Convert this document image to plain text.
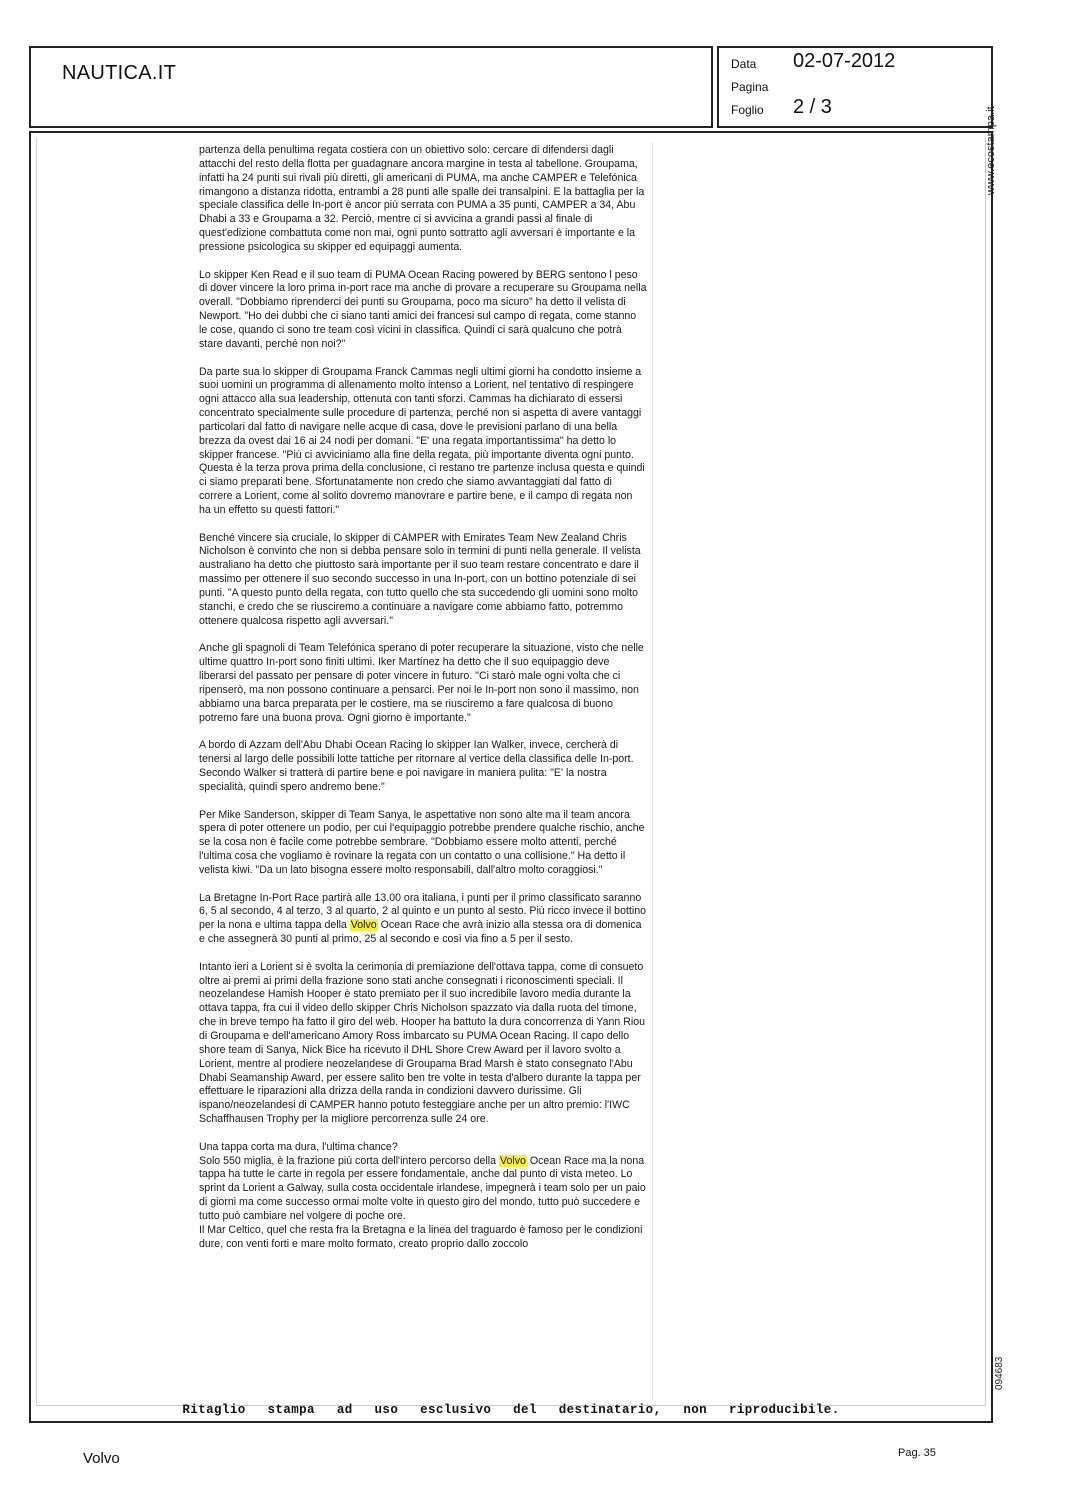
NAUTICA.IT	Data 02-07-2012
Pagina
Foglio 2 / 3

partenza della penultima regata costiera con un obiettivo solo: cercare di difendersi dagli attacchi del resto della flotta per guadagnare ancora margine in testa al tabellone. Groupama, infatti ha 24 punti sui rivali più diretti, gli americani di PUMA, ma anche CAMPER e Telefónica rimangono a distanza ridotta, entrambi a 28 punti alle spalle dei transalpini. E la battaglia per la speciale classifica delle In-port è ancor più serrata con PUMA a 35 punti, CAMPER a 34, Abu Dhabi a 33 e Groupama a 32. Perciò, mentre ci si avvicina a grandi passi al finale di quest'edizione combattuta come non mai, ogni punto sottratto agli avversari è importante e la pressione psicologica su skipper ed equipaggi aumenta.

Lo skipper Ken Read e il suo team di PUMA Ocean Racing powered by BERG sentono l peso di dover vincere la loro prima in-port race ma anche di provare a recuperare su Groupama nella overall. "Dobbiamo riprenderci dei punti su Groupama, poco ma sicuro" ha detto il velista di Newport. "Ho dei dubbi che ci siano tanti amici dei francesi sul campo di regata, come stanno le cose, quando ci sono tre team così vicini in classifica. Quindi ci sarà qualcuno che potrà stare davanti, perché non noi?"

Da parte sua lo skipper di Groupama Franck Cammas negli ultimi giorni ha condotto insieme a suoi uomini un programma di allenamento molto intenso a Lorient, nel tentativo di respingere ogni attacco alla sua leadership, ottenuta con tanti sforzi. Cammas ha dichiarato di essersi concentrato specialmente sulle procedure di partenza, perché non si aspetta di avere vantaggi particolari dal fatto di navigare nelle acque di casa, dove le previsioni parlano di una bella brezza da ovest dai 16 ai 24 nodi per domani. "E' una regata importantissima" ha detto lo skipper francese. "Più ci avviciniamo alla fine della regata, più importante diventa ogni punto. Questa è la terza prova prima della conclusione, ci restano tre partenze inclusa questa e quindi ci siamo preparati bene. Sfortunatamente non credo che siamo avvantaggiati dal fatto di correre a Lorient, come al solito dovremo manovrare e partire bene, e il campo di regata non ha un effetto su questi fattori."

Benché vincere sia cruciale, lo skipper di CAMPER with Emirates Team New Zealand Chris Nicholson è convinto che non si debba pensare solo in termini di punti nella generale. Il velista australiano ha detto che piuttosto sarà importante per il suo team restare concentrato e dare il massimo per ottenere il suo secondo successo in una In-port, con un bottino potenziale di sei punti. "A questo punto della regata, con tutto quello che sta succedendo gli uomini sono molto stanchi, e credo che se riusciremo a continuare a navigare come abbiamo fatto, potremmo ottenere qualcosa rispetto agli avversari."

Anche gli spagnoli di Team Telefónica sperano di poter recuperare la situazione, visto che nelle ultime quattro In-port sono finiti ultimi. Iker Martínez ha detto che il suo equipaggio deve liberarsi del passato per pensare di poter vincere in futuro. "Ci starò male ogni volta che ci ripenserò, ma non possono continuare a pensarci. Per noi le In-port non sono il massimo, non abbiamo una barca preparata per le costiere, ma se riusciremo a fare qualcosa di buono potremo fare una buona prova. Ogni giorno è importante."

A bordo di Azzam dell'Abu Dhabi Ocean Racing lo skipper Ian Walker, invece, cercherà di tenersi al largo delle possibili lotte tattiche per ritornare al vertice della classifica delle In-port. Secondo Walker si tratterà di partire bene e poi navigare in maniera pulita: "E' la nostra specialità, quindi spero andremo bene."

Per Mike Sanderson, skipper di Team Sanya, le aspettative non sono alte ma il team ancora spera di poter ottenere un podio, per cui l'equipaggio potrebbe prendere qualche rischio, anche se la cosa non è facile come potrebbe sembrare. "Dobbiamo essere molto attenti, perché l'ultima cosa che vogliamo è rovinare la regata con un contatto o una collisione." Ha detto il velista kiwi. "Da un lato bisogna essere molto responsabili, dall'altro molto coraggiosi."

La Bretagne In-Port Race partirà alle 13.00 ora italiana, i punti per il primo classificato saranno 6, 5 al secondo, 4 al terzo, 3 al quarto, 2 al quinto e un punto al sesto. Più ricco invece il bottino per la nona e ultima tappa della Volvo Ocean Race che avrà inizio alla stessa ora di domenica e che assegnerà 30 punti al primo, 25 al secondo e così via fino a 5 per il sesto.

Intanto ieri a Lorient si è svolta la cerimonia di premiazione dell'ottava tappa, come di consueto oltre ai premi ai primi della frazione sono stati anche consegnati i riconoscimenti speciali. Il neozelandese Hamish Hooper è stato premiato per il suo incredibile lavoro media durante la ottava tappa, fra cui il video dello skipper Chris Nicholson spazzato via dalla ruota del timone, che in breve tempo ha fatto il giro del web. Hooper ha battuto la dura concorrenza di Yann Riou di Groupama e dell'americano Amory Ross imbarcato su PUMA Ocean Racing. Il capo dello shore team di Sanya, Nick Bice ha ricevuto il DHL Shore Crew Award per il lavoro svolto a Lorient, mentre al prodiere neozelandese di Groupama Brad Marsh è stato consegnato l'Abu Dhabi Seamanship Award, per essere salito ben tre volte in testa d'albero durante la tappa per effettuare le riparazioni alla drizza della randa in condizioni davvero durissime. Gli ispano/neozelandesi di CAMPER hanno potuto festeggiare anche per un altro premio: l'IWC Schaffhausen Trophy per la migliore percorrenza sulle 24 ore.

Una tappa corta ma dura, l'ultima chance?

Solo 550 miglia, è la frazione più corta dell'intero percorso della Volvo Ocean Race ma la nona tappa ha tutte le carte in regola per essere fondamentale, anche dal punto di vista meteo. Lo sprint da Lorient a Galway, sulla costa occidentale irlandese, impegnerà i team solo per un paio di giorni ma come successo ormai molte volte in questo giro del mondo, tutto può succedere e tutto può cambiare nel volgere di poche ore.

Il Mar Celtico, quel che resta fra la Bretagna e la linea del traguardo è famoso per le condizioni dure, con venti forti e mare molto formato, creato proprio dallo zoccolo

Ritaglio stampa ad uso esclusivo del destinatario, non riproducibile.
www.ecostampa.it
094683
Volvo	Pag. 35
